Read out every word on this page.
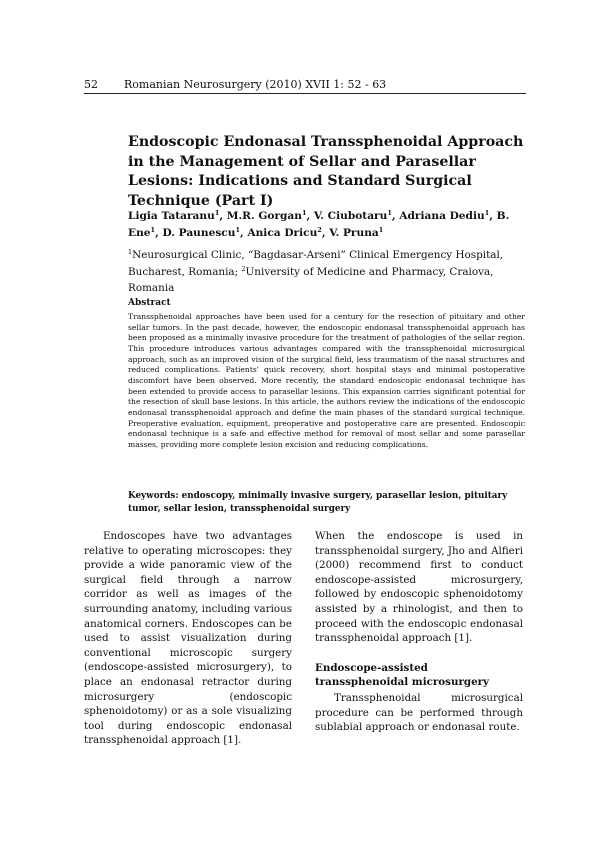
52 Romanian Neurosurgery (2010) XVII 1: 52 - 63
Endoscopic Endonasal Transsphenoidal Approach in the Management of Sellar and Parasellar Lesions: Indications and Standard Surgical Technique (Part I)
Ligia Tataranu$^1$, M.R. Gorgan$^1$, V. Ciubotaru$^1$, Adriana Dediu$^1$, B. Ene$^1$, D. Paunescu$^1$, Anica Dricu$^2$, V. Pruna$^1$
$^1$Neurosurgical Clinic, “Bagdasar-Arseni” Clinical Emergency Hospital, Bucharest, Romania; $^2$University of Medicine and Pharmacy, Craiova, Romania
Abstract
Transsphenoidal approaches have been used for a century for the resection of pituitary and other sellar tumors. In the past decade, however, the endoscopic endonasal transsphenoidal approach has been proposed as a minimally invasive procedure for the treatment of pathologies of the sellar region. This procedure introduces various advantages compared with the transsphenoidal microsurgical approach, such as an improved vision of the surgical field, less traumatism of the nasal structures and reduced complications. Patients' quick recovery, short hospital stays and minimal postoperative discomfort have been observed. More recently, the standard endoscopic endonasal technique has been extended to provide access to parasellar lesions. This expansion carries significant potential for the resection of skull base lesions. In this article, the authors review the indications of the endoscopic endonasal transsphenoidal approach and define the main phases of the standard surgical technique. Preoperative evaluation, equipment, preoperative and postoperative care are presented. Endoscopic endonasal technique is a safe and effective method for removal of most sellar and some parasellar masses, providing more complete lesion excision and reducing complications.
Keywords: endoscopy, minimally invasive surgery, parasellar lesion, pituitary tumor, sellar lesion, transsphenoidal surgery

Endoscopes have two advantages relative to operating microscopes: they provide a wide panoramic view of the surgical field through a narrow corridor as well as images of the surrounding anatomy, including various anatomical corners. Endoscopes can be used to assist visualization during conventional microscopic surgery (endoscope-assisted microsurgery), to place an endonasal retractor during microsurgery (endoscopic sphenoidotomy) or as a sole visualizing tool during endoscopic endonasal transsphenoidal approach [1].

When the endoscope is used in transsphenoidal surgery, Jho and Alfieri (2000) recommend first to conduct endoscope-assisted microsurgery, followed by endoscopic sphenoidotomy assisted by a rhinologist, and then to proceed with the endoscopic endonasal transsphenoidal approach [1].

Endoscope-assisted transsphenoidal microsurgery

Transsphenoidal microsurgical procedure can be performed through sublabial approach or endonasal route.
